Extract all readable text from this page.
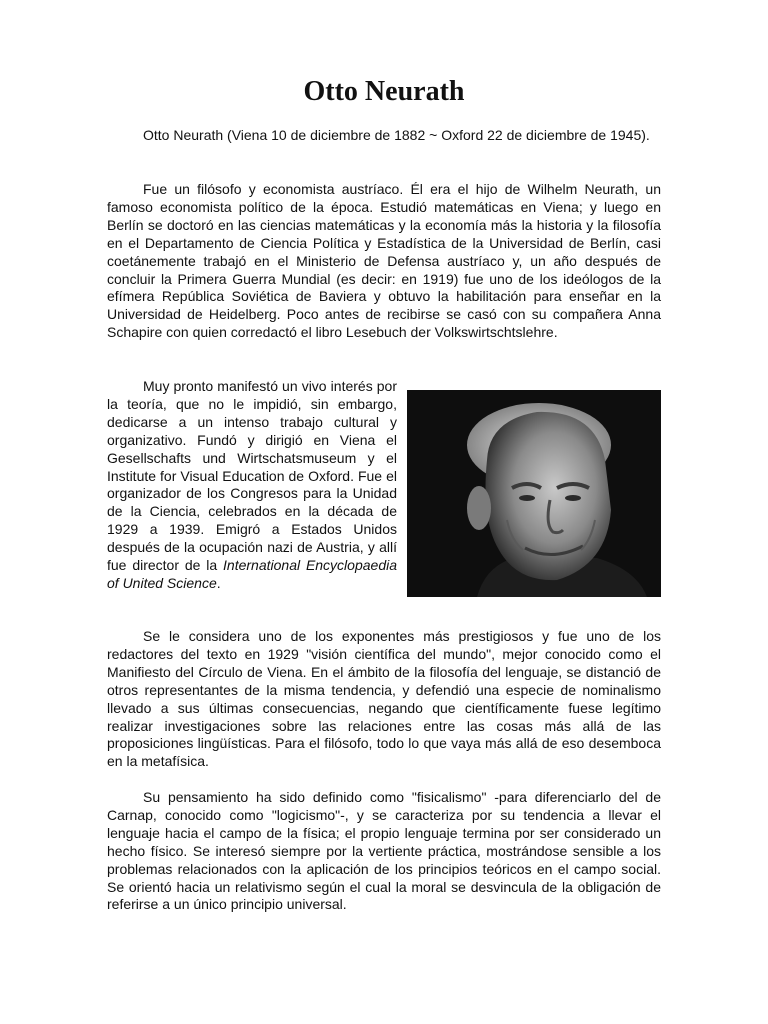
Otto Neurath

Otto Neurath (Viena 10 de diciembre de 1882 ~ Oxford 22 de diciembre de 1945).

Fue un filósofo y economista austríaco. Él era el hijo de Wilhelm Neurath, un famoso economista político de la época. Estudió matemáticas en Viena; y luego en Berlín se doctoró en las ciencias matemáticas y la economía más la historia y la filosofía en el Departamento de Ciencia Política y Estadística de la Universidad de Berlín, casi coetánemente trabajó en el Ministerio de Defensa austríaco y, un año después de concluir la Primera Guerra Mundial (es decir: en 1919) fue uno de los ideólogos de la efímera República Soviética de Baviera y obtuvo la habilitación para enseñar en la Universidad de Heidelberg. Poco antes de recibirse se casó con su compañera Anna Schapire con quien corredactó el libro Lesebuch der Volkswirtschtslehre.

Muy pronto manifestó un vivo interés por la teoría, que no le impidió, sin embargo, dedicarse a un intenso trabajo cultural y organizativo. Fundó y dirigió en Viena el Gesellschafts und Wirtschatsmuseum y el Institute for Visual Education de Oxford. Fue el organizador de los Congresos para la Unidad de la Ciencia, celebrados en la década de 1929 a 1939. Emigró a Estados Unidos después de la ocupación nazi de Austria, y allí fue director de la International Encyclopaedia of United Science.

Se le considera uno de los exponentes más prestigiosos y fue uno de los redactores del texto en 1929 "visión científica del mundo", mejor conocido como el Manifiesto del Círculo de Viena. En el ámbito de la filosofía del lenguaje, se distanció de otros representantes de la misma tendencia, y defendió una especie de nominalismo llevado a sus últimas consecuencias, negando que científicamente fuese legítimo realizar investigaciones sobre las relaciones entre las cosas más allá de las proposiciones lingüísticas. Para el filósofo, todo lo que vaya más allá de eso desemboca en la metafísica.

Su pensamiento ha sido definido como "fisicalismo" -para diferenciarlo del de Carnap, conocido como "logicismo"-, y se caracteriza por su tendencia a llevar el lenguaje hacia el campo de la física; el propio lenguaje termina por ser considerado un hecho físico. Se interesó siempre por la vertiente práctica, mostrándose sensible a los problemas relacionados con la aplicación de los principios teóricos en el campo social. Se orientó hacia un relativismo según el cual la moral se desvincula de la obligación de referirse a un único principio universal.
